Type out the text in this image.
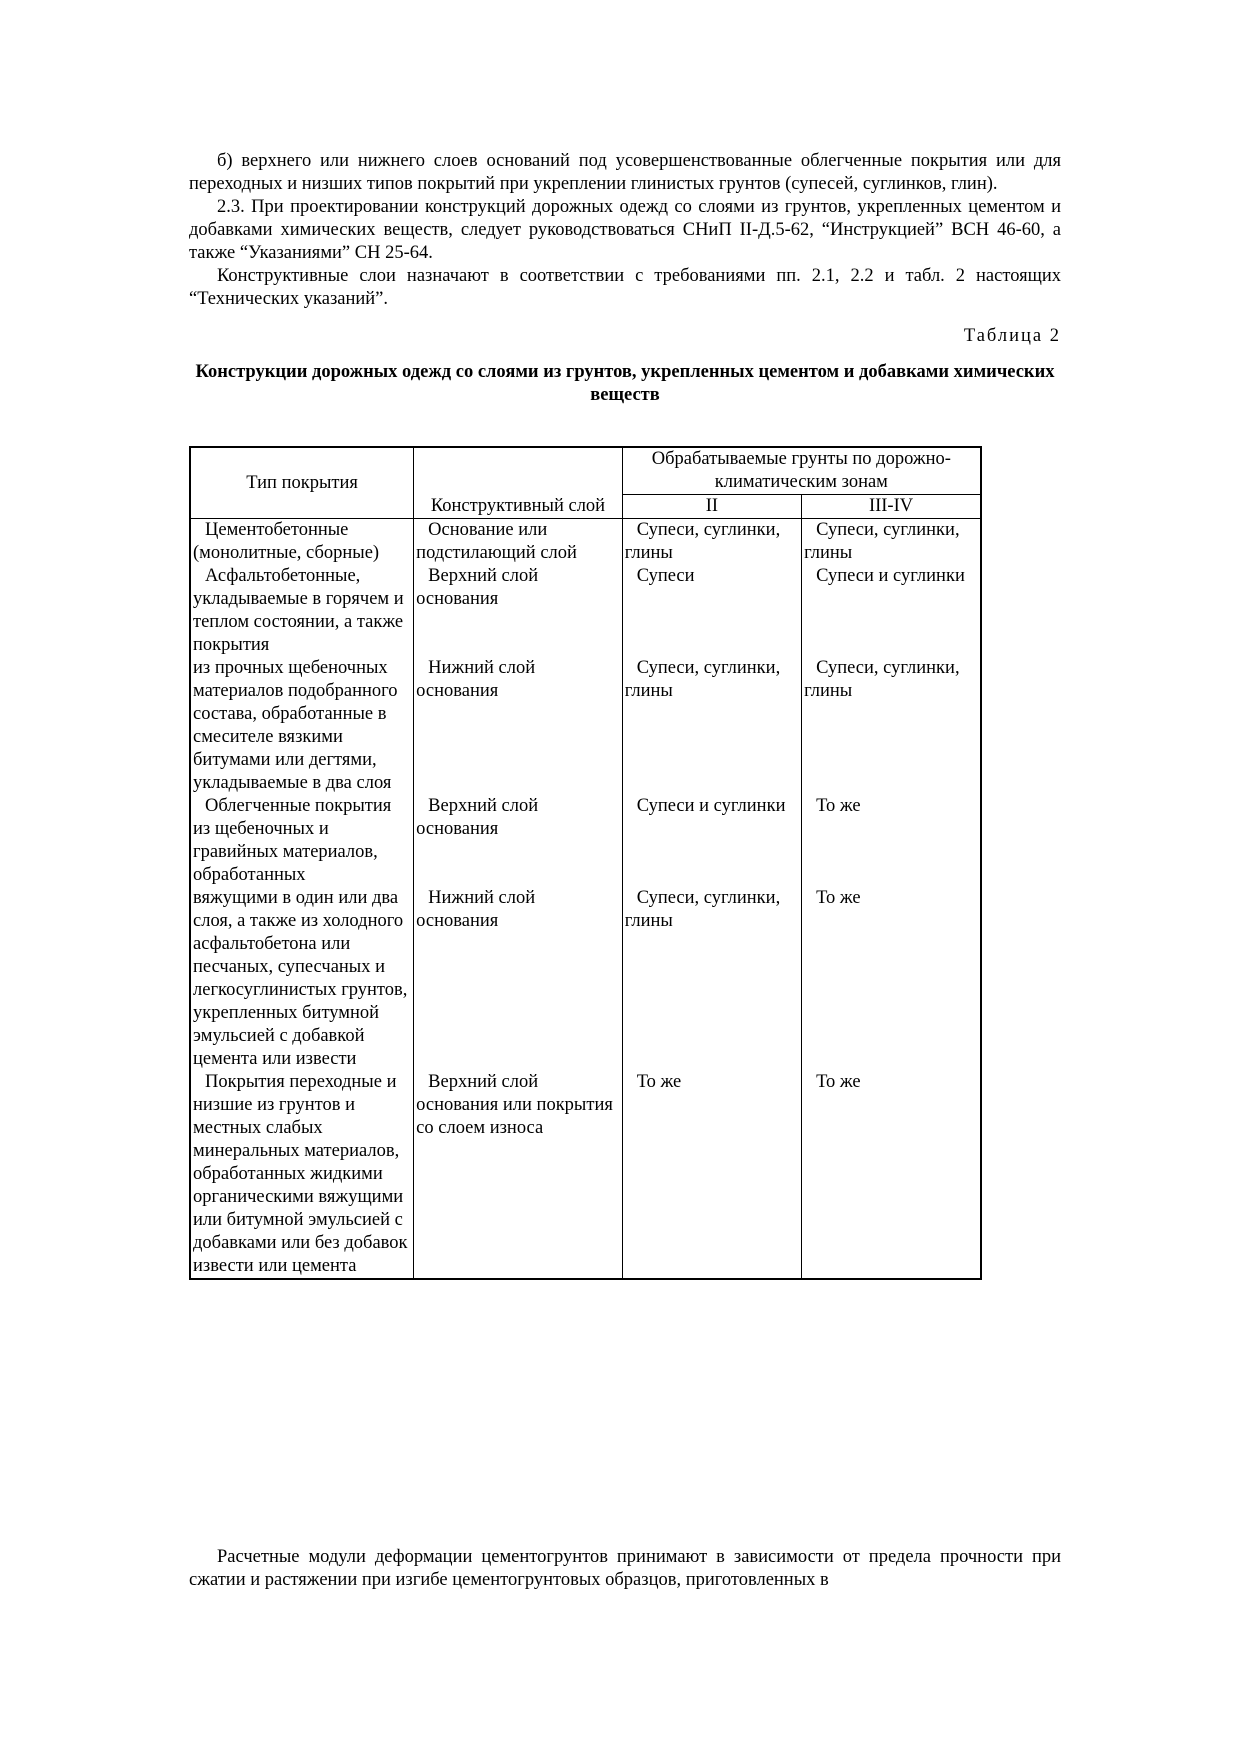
б) верхнего или нижнего слоев оснований под усовершенствованные облегченные покрытия или для переходных и низших типов покрытий при укреплении глинистых грунтов (супесей, суглинков, глин).

2.3. При проектировании конструкций дорожных одежд со слоями из грунтов, укрепленных цементом и добавками химических веществ, следует руководствоваться СНиП II-Д.5-62, “Инструкцией” ВСН 46-60, а также “Указаниями” СН 25-64.

Конструктивные слои назначают в соответствии с требованиями пп. 2.1, 2.2 и табл. 2 настоящих “Технических указаний”.

Таблица 2
Конструкции дорожных одежд со слоями из грунтов, укрепленных цементом и добавками химических веществ
Тип покрытия	Конструктивный слой	Обрабатываемые грунты по дорожно-климатическим зонам	
		II	III-IV

Цементобетонные (монолитные, сборные)	Основание или подстилающий слой	Супеси, суглинки, глины	Супеси, суглинки, глины

Асфальтобетонные, укладываемые в горячем и теплом состоянии, а также покрытия	Верхний слой основания	Супеси	Супеси и суглинки

из прочных щебеночных материалов подобранного состава, обработанные в смесителе вязкими битумами или дегтями, укладываемые в два слоя	Нижний слой основания	Супеси, суглинки, глины	Супеси, суглинки, глины

Облегченные покрытия из щебеночных и гравийных материалов, обработанных	Верхний слой основания	Супеси и суглинки	То же

вяжущими в один или два слоя, а также из холодного асфальтобетона или песчаных, супесчаных и легкосуглинистых грунтов, укрепленных битумной эмульсией с добавкой цемента или извести	Нижний слой основания	Супеси, суглинки, глины	То же

Покрытия переходные и низшие из грунтов и местных слабых минеральных материалов, обработанных жидкими органическими вяжущими или битумной эмульсией с добавками или без добавок извести или цемента	Верхний слой основания или покрытия со слоем износа	То же	То же

Расчетные модули деформации цементогрунтов принимают в зависимости от предела прочности при сжатии и растяжении при изгибе цементогрунтовых образцов, приготовленных в
